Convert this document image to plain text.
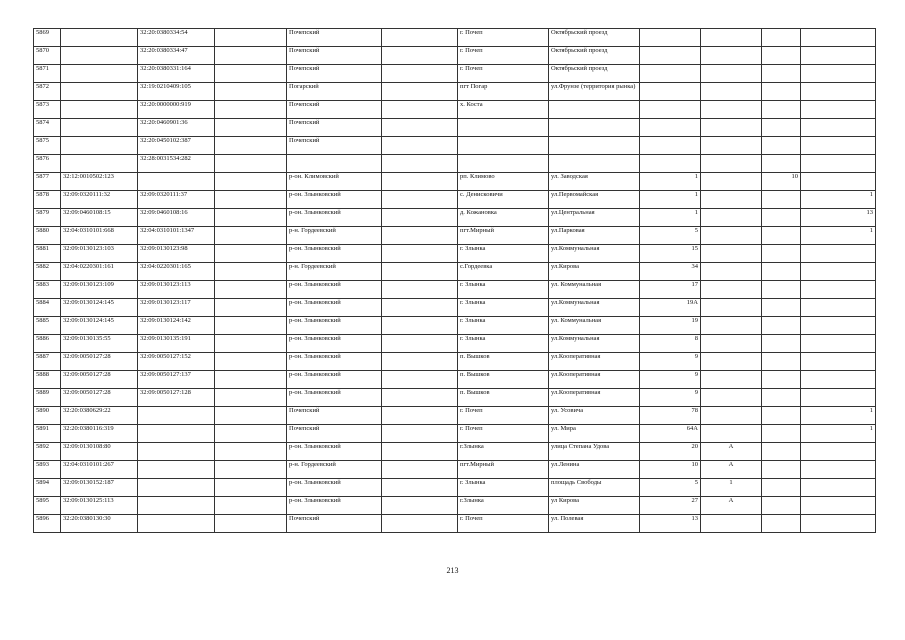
5869		32:20:0380334:54		Почепский		г. Почеп	Октябрьский проезд				
5870		32:20:0380334:47		Почепский		г. Почеп	Октябрьский проезд				
5871		32:20:0380331:164		Почепский		г. Почеп	Октябрьский проезд				
5872		32:19:0210409:105		Погарский		пгт Погар	ул.Фрунзе (территория рынка)				
5873		32:20:0000000:919		Почепский		х. Коста					
5874		32:20:0460901:36		Почепский							
5875		32:20:0450102:387		Почепский							
5876		32:28:0031534:282									
5877	32:12:0010502:123			р-он. Климовский		рп. Климово	ул. Заводская	1		10	
5878	32:09:0320111:32	32:09:0320111:37		р-он. Злынковский		с. Денисковичи	ул.Первомайская	1			1
5879	32:09:0460108:15	32:09:0460108:16		р-он. Злынковский		д. Кожановка	ул.Центральная	1			13
5880	32:04:0310101:668	32:04:0310101:1347		р-н. Гордеевский		пгт.Мирный	ул.Парковая	5			1
5881	32:09:0130123:103	32:09:0130123:98		р-он. Злынковский		г. Злынка	ул.Коммунальная	15			
5882	32:04:0220301:161	32:04:0220301:165		р-н. Гордеевский		с.Гордеевка	ул.Кирова	34			
5883	32:09:0130123:109	32:09:0130123:113		р-он. Злынковский		г. Злынка	ул. Коммунальная	17			
5884	32:09:0130124:145	32:09:0130123:117		р-он. Злынковский		г. Злынка	ул.Коммунальная	19А			
5885	32:09:0130124:145	32:09:0130124:142		р-он. Злынковский		г. Злынка	ул. Коммунальная	19			
5886	32:09:0130135:55	32:09:0130135:191		р-он. Злынковский		г. Злынка	ул.Коммунальная	8			
5887	32:09:0050127:28	32:09:0050127:152		р-он. Злынковский		п. Вышков	ул.Кооперативная	9			
5888	32:09:0050127:28	32:09:0050127:137		р-он. Злынковский		п. Вышков	ул.Кооперативная	9			
5889	32:09:0050127:28	32:09:0050127:128		р-он. Злынковский		п. Вышков	ул.Кооперативная	9			
5890	32:20:0380629:22			Почепский		г. Почеп	ул. Усовича	78			1
5891	32:20:0380116:319			Почепский		г. Почеп	ул. Мира	64А			1
5892	32:09:0130108:80			р-он. Злынковский		г.Злынка	улица Степана Удова	20	А		
5893	32:04:0310101:267			р-н. Гордеевский		пгт.Мирный	ул.Ленина	10	А		
5894	32:09:0130152:187			р-он. Злынковский		г. Злынка	площадь Свободы	5	1		
5895	32:09:0130125:113			р-он. Злынковский		г.Злынка	ул Кирова	27	А		
5896	32:20:0380130:30			Почепский		г. Почеп	ул. Полевая	13			
213
